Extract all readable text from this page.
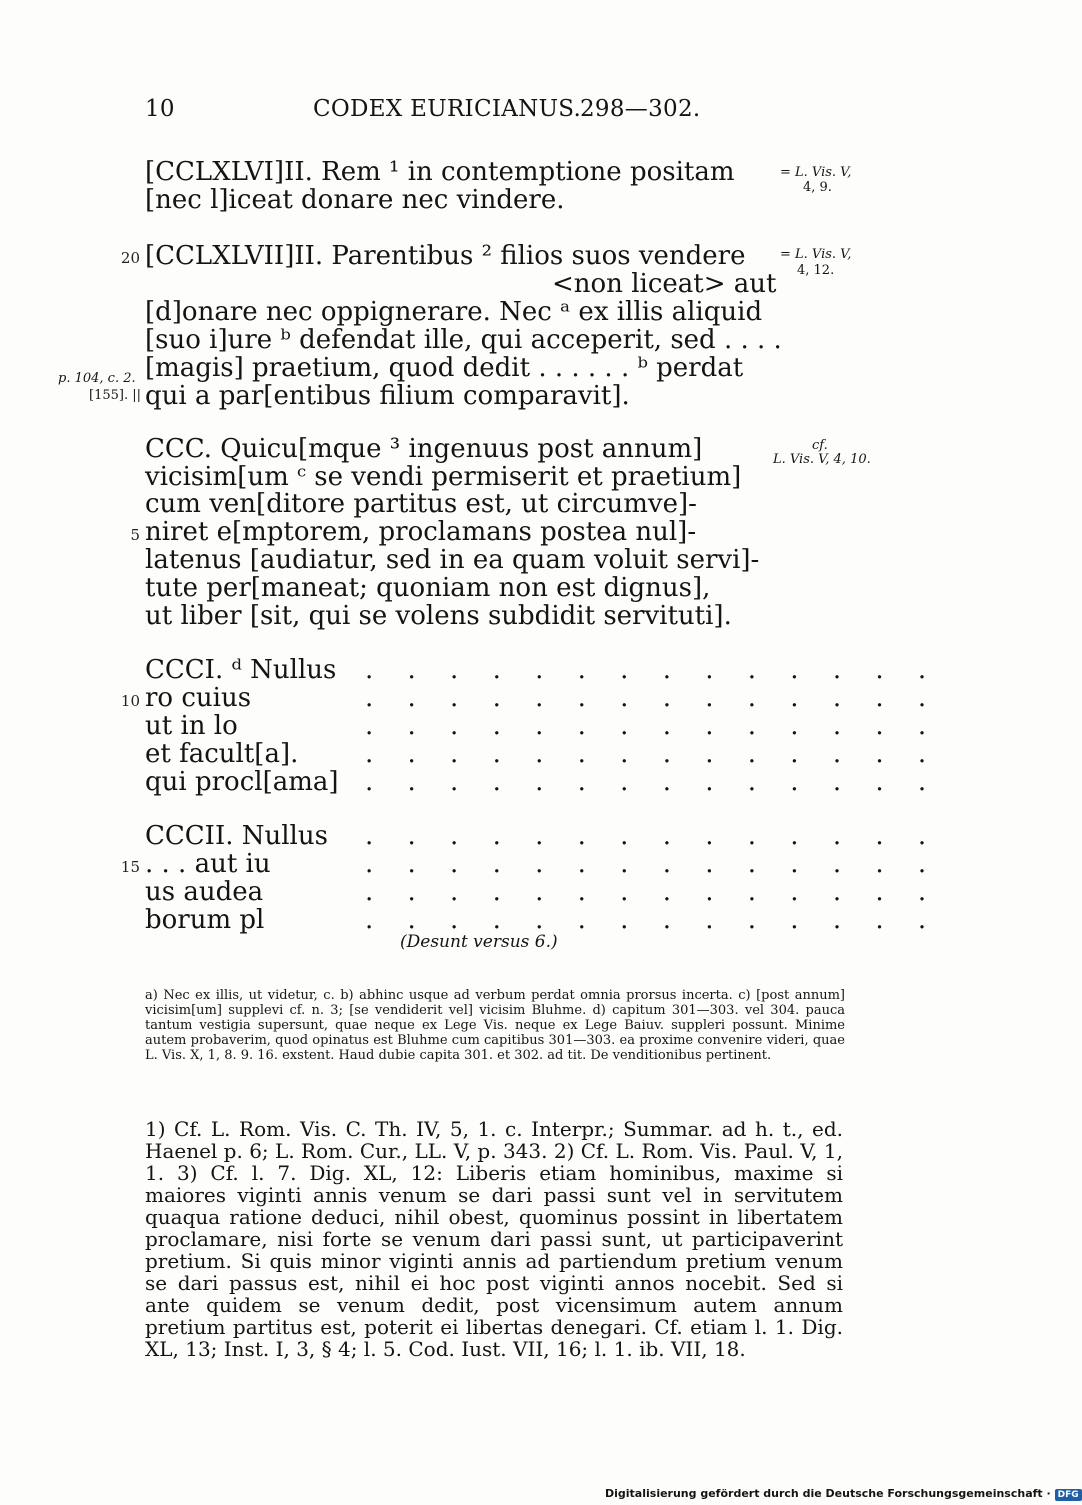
10	CODEX EURICIANUS.
298—302.
[CCLXLVI]II. Rem ¹ in contemptione positam
[nec l]iceat donare nec vindere.
= L. Vis. V,
4, 9.
20 [CCLXLVII]II. Parentibus ² filios suos vendere
<non liceat> aut
[d]onare nec oppignerare. Nec ᵃ ex illis aliquid
[suo i]ure ᵇ defendat ille, qui acceperit, sed . . . .
[magis] praetium, quod dedit . . . . . . ᵇ perdat
qui a par[entibus filium comparavit].
= L. Vis. V,
4, 12.
p. 104, c. 2.
[155]. ||
CCC. Quicu[mque ³ ingenuus post annum]
vicisim[um ᶜ se vendi permiserit et praetium]
cum ven[ditore partitus est, ut circumve]-
5 niret e[mptorem, proclamans postea nul]-
latenus [audiatur, sed in ea quam voluit servi]-
tute per[maneat; quoniam non est dignus],
ut liber [sit, qui se volens subdidit servituti].
cf.
L. Vis. V, 4, 10.
CCCI. ᵈ Nullus . . . . . . . . . . . . . .
10 ro cuius	. . . . . . . . . . . . . .
ut in lo	. . . . . . . . . . . . . .
et facult[a].	. . . . . . . . . . . . . .
qui procl[ama] . . . . . . . . . . . . . .
CCCII. Nullus . . . . . . . . . . . . . .
15 . . . aut iu	. . . . . . . . . . . . . .
us audea	. . . . . . . . . . . . . .
borum pl	. . . . . . . . . . . . . .
(Desunt versus 6.)
a) Nec ex illis, ut videtur, c. b) abhinc usque ad verbum perdat omnia prorsus incerta. c) [post annum] vicisim[um] supplevi cf. n. 3; [se vendiderit vel] vicisim Bluhme. d) capitum 301—303. vel 304. pauca tantum vestigia supersunt, quae neque ex Lege Vis. neque ex Lege Baiuv. suppleri possunt. Minime autem probaverim, quod opinatus est Bluhme cum capitibus 301—303. ea proxime convenire videri, quae L. Vis. X, 1, 8. 9. 16. exstent. Haud dubie capita 301. et 302. ad tit. De venditionibus pertinent.
1) Cf. L. Rom. Vis. C. Th. IV, 5, 1. c. Interpr.; Summar. ad h. t., ed. Haenel p. 6; L. Rom. Cur., LL. V, p. 343. 2) Cf. L. Rom. Vis. Paul. V, 1, 1. 3) Cf. l. 7. Dig. XL, 12: Liberis etiam hominibus, maxime si maiores viginti annis venum se dari passi sunt vel in servitutem quaqua ratione deduci, nihil obest, quominus possint in libertatem proclamare, nisi forte se venum dari passi sunt, ut participaverint pretium. Si quis minor viginti annis ad partiendum pretium venum se dari passus est, nihil ei hoc post viginti annos nocebit. Sed si ante quidem se venum dedit, post vicensimum autem annum pretium partitus est, poterit ei libertas denegari. Cf. etiam l. 1. Dig. XL, 13; Inst. I, 3, § 4; l. 5. Cod. Iust. VII, 16; l. 1. ib. VII, 18.
Digitalisierung gefördert durch die Deutsche Forschungsgemeinschaft · DFG
